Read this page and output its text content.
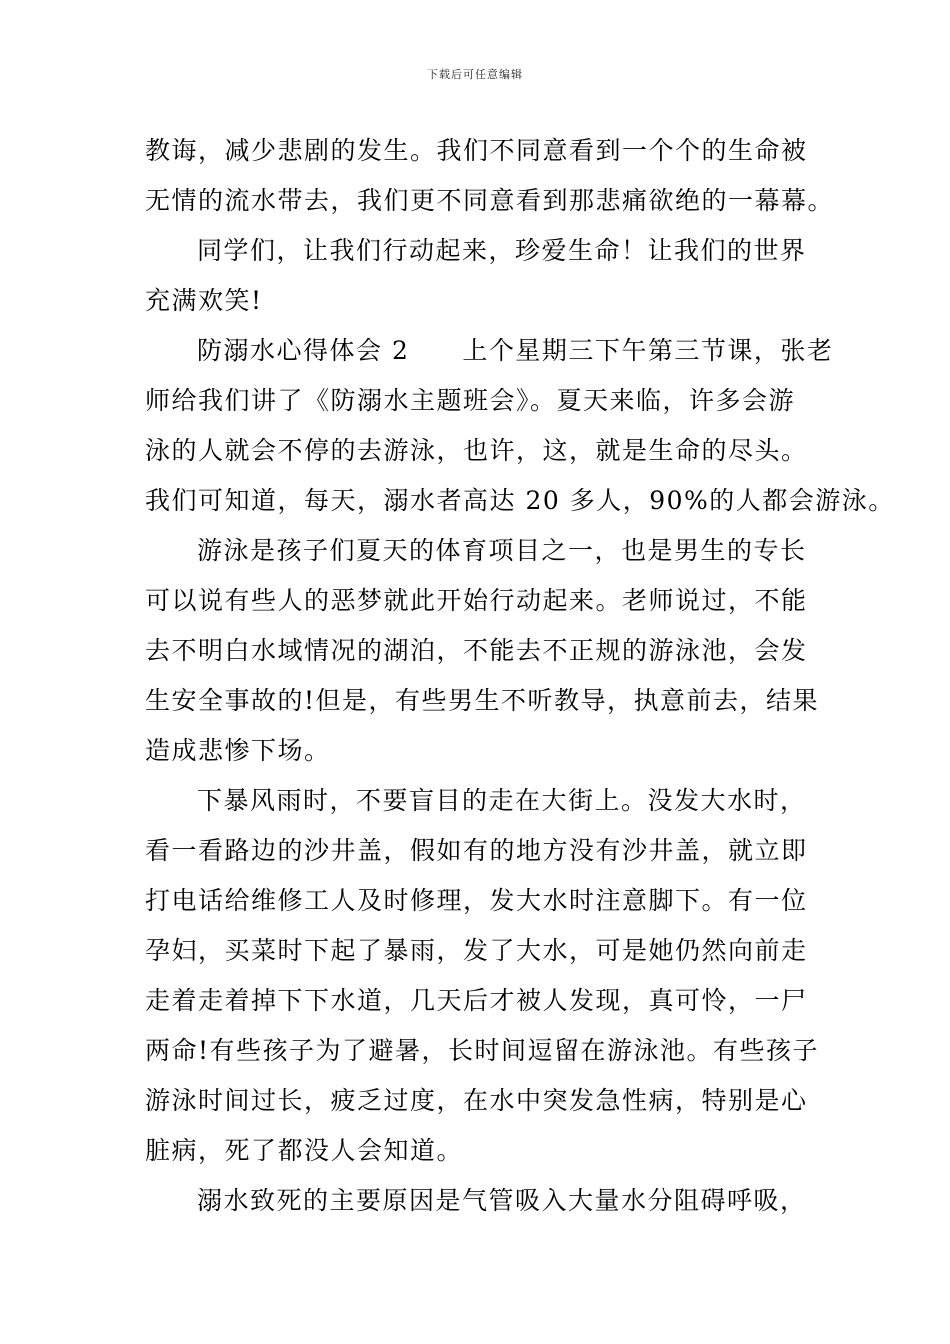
下载后可任意编辑
教诲，减少悲剧的发生。我们不同意看到一个个的生命被
无情的流水带去，我们更不同意看到那悲痛欲绝的一幕幕。
同学们，让我们行动起来，珍爱生命！让我们的世界
充满欢笑!
防溺水心得体会 2　　上个星期三下午第三节课，张老
师给我们讲了《防溺水主题班会》。夏天来临，许多会游
泳的人就会不停的去游泳，也许，这，就是生命的尽头。
我们可知道，每天，溺水者高达 20 多人，90%的人都会游泳。
游泳是孩子们夏天的体育项目之一，也是男生的专长
可以说有些人的恶梦就此开始行动起来。老师说过，不能
去不明白水域情况的湖泊，不能去不正规的游泳池，会发
生安全事故的!但是，有些男生不听教导，执意前去，结果
造成悲惨下场。
下暴风雨时，不要盲目的走在大街上。没发大水时，
看一看路边的沙井盖，假如有的地方没有沙井盖，就立即
打电话给维修工人及时修理，发大水时注意脚下。有一位
孕妇，买菜时下起了暴雨，发了大水，可是她仍然向前走
走着走着掉下下水道，几天后才被人发现，真可怜，一尸
两命!有些孩子为了避暑，长时间逗留在游泳池。有些孩子
游泳时间过长，疲乏过度，在水中突发急性病，特别是心
脏病，死了都没人会知道。
溺水致死的主要原因是气管吸入大量水分阻碍呼吸，
